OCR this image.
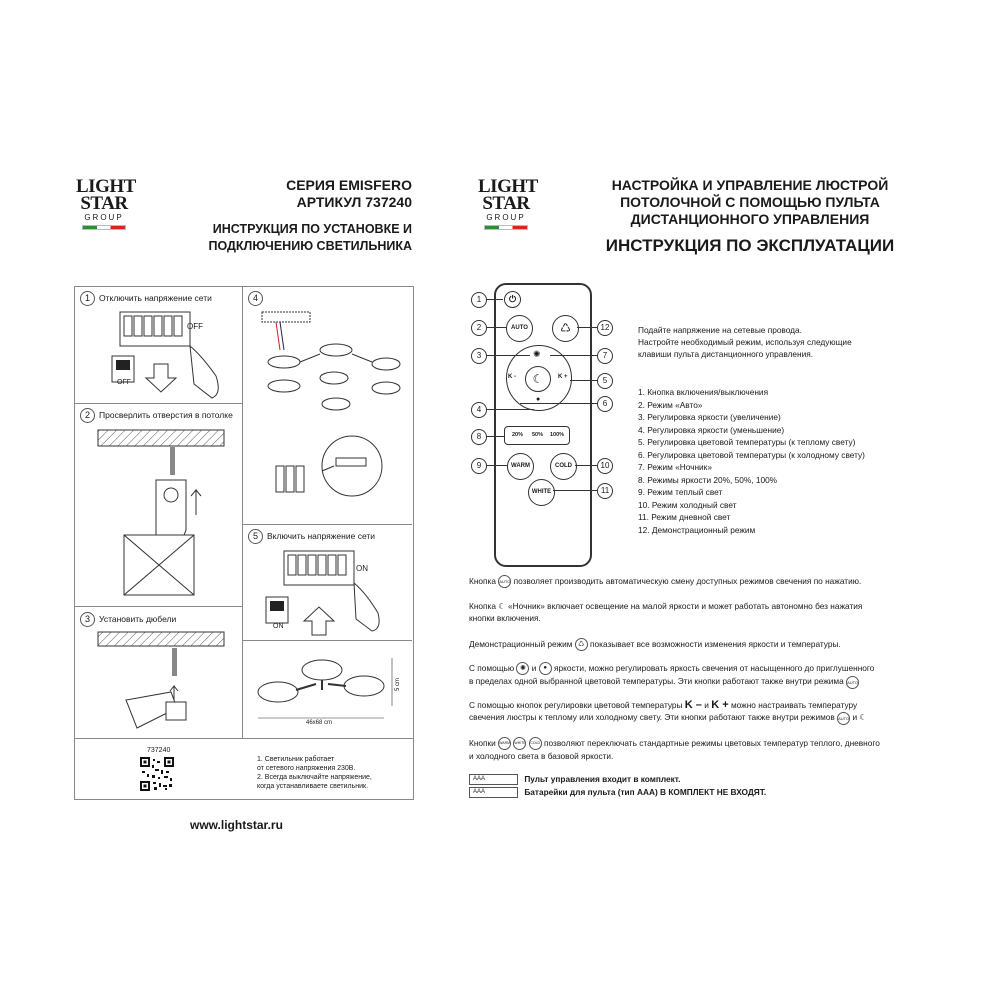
LIGHT
STAR
GROUP
СЕРИЯ EMISFERO
АРТИКУЛ 737240
ИНСТРУКЦИЯ ПО УСТАНОВКЕ И
ПОДКЛЮЧЕНИЮ СВЕТИЛЬНИКА
1 Отключить напряжение сети
2 Просверлить отверстия в потолке
3 Установить дюбели
4
5 Включить напряжение сети
OFF
OFF
ON
ON
5 cm
46x68 cm
737240
1. Светильник работает
от сетевого напряжения 230В.
2. Всегда выключайте напряжение,
когда устанавливаете светильник.
www.lightstar.ru
LIGHT
STAR
GROUP
НАСТРОЙКА И УПРАВЛЕНИЕ ЛЮСТРОЙ
ПОТОЛОЧНОЙ С ПОМОЩЬЮ ПУЛЬТА
ДИСТАНЦИОННОГО УПРАВЛЕНИЯ
ИНСТРУКЦИЯ ПО ЭКСПЛУАТАЦИИ
⏻
AUTO	♺
☾
✺
●
K -	K +
20% 50% 100%
WARM	COLD
WHITE
1
2
3
4
5
6
7
8
9	10
11
12	Подайте напряжение на сетевые провода.
Настройте необходимый режим, используя следующие
клавиши пульта дистанционного управления.
1. Кнопка включения/выключения
2. Режим «Авто»
3. Регулировка яркости (увеличение)
4. Регулировка яркости (уменьшение)
5. Регулировка цветовой температуры (к теплому свету)
6. Регулировка цветовой температуры (к холодному свету)
7. Режим «Ночник»
8. Режимы яркости 20%, 50%, 100%
9. Режим теплый свет
10. Режим холодный свет
11. Режим дневной свет
12. Демонстрационный режим
Кнопка AUTO позволяет производить автоматическую смену доступных режимов свечения по нажатию.
Кнопка ☾ «Ночник» включает освещение на малой яркости и может работать автономно без нажатия
кнопки включения.
Демонстрационный режим ♺ показывает все возможности изменения яркости и температуры.
С помощью ✺ и ● яркости, можно регулировать яркость свечения от насыщенного до приглушенного
в пределах одной выбранной цветовой температуры. Эти кнопки работают также внутри режима AUTO
С помощью кнопок регулировки цветовой температуры K – и K + можно настраивать температуру
свечения люстры к теплому или холодному свету. Эти кнопки работают также внутри режимов AUTO и ☾
Кнопки WARM WHITE COLD позволяют переключать стандартные режимы цветовых температур теплого, дневного
и холодного света в базовой яркости.
AAA	Пульт управления входит в комплект.
AAA	Батарейки для пульта (тип ААА) В КОМПЛЕКТ НЕ ВХОДЯТ.
